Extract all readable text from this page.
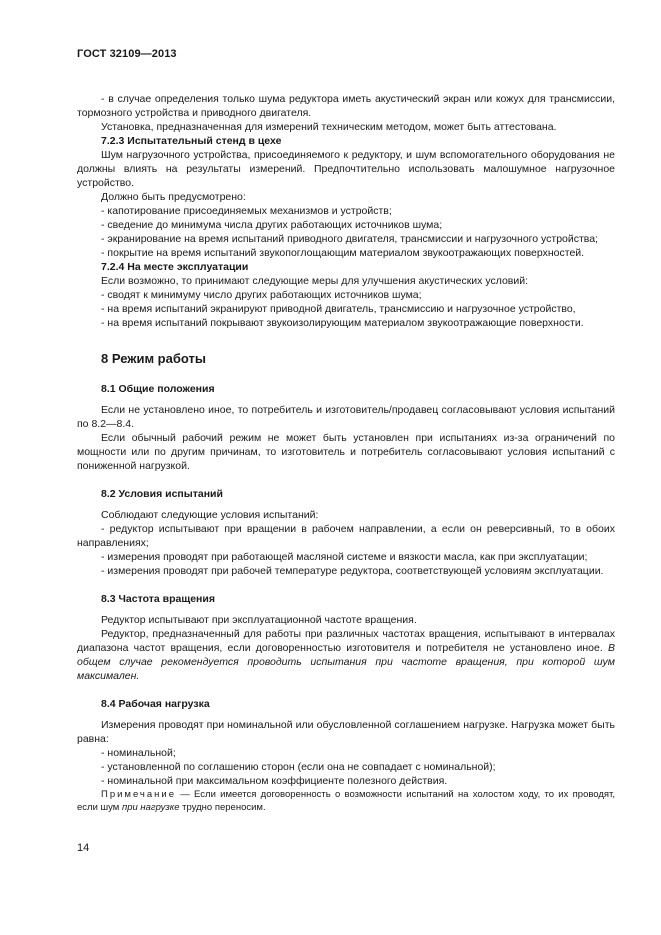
ГОСТ 32109—2013

- в случае определения только шума редуктора иметь акустический экран или кожух для трансмиссии, тормозного устройства и приводного двигателя.

Установка, предназначенная для измерений техническим методом, может быть аттестована.

7.2.3 Испытательный стенд в цехе

Шум нагрузочного устройства, присоединяемого к редуктору, и шум вспомогательного оборудования не должны влиять на результаты измерений. Предпочтительно использовать малошумное нагрузочное устройство.

Должно быть предусмотрено:

- капотирование присоединяемых механизмов и устройств;

- сведение до минимума числа других работающих источников шума;

- экранирование на время испытаний приводного двигателя, трансмиссии и нагрузочного устройства;

- покрытие на время испытаний звукопоглощающим материалом звукоотражающих поверхностей.

7.2.4 На месте эксплуатации

Если возможно, то принимают следующие меры для улучшения акустических условий:

- сводят к минимуму число других работающих источников шума;

- на время испытаний экранируют приводной двигатель, трансмиссию и нагрузочное устройство,

- на время испытаний покрывают звукоизолирующим материалом звукоотражающие поверхности.

8 Режим работы
8.1 Общие положения

Если не установлено иное, то потребитель и изготовитель/продавец согласовывают условия испытаний по 8.2—8.4.

Если обычный рабочий режим не может быть установлен при испытаниях из-за ограничений по мощности или по другим причинам, то изготовитель и потребитель согласовывают условия испытаний с пониженной нагрузкой.

8.2 Условия испытаний

Соблюдают следующие условия испытаний:

- редуктор испытывают при вращении в рабочем направлении, а если он реверсивный, то в обоих направлениях;

- измерения проводят при работающей масляной системе и вязкости масла, как при эксплуатации;

- измерения проводят при рабочей температуре редуктора, соответствующей условиям эксплуатации.

8.3 Частота вращения

Редуктор испытывают при эксплуатационной частоте вращения.

Редуктор, предназначенный для работы при различных частотах вращения, испытывают в интервалах диапазона частот вращения, если договоренностью изготовителя и потребителя не установлено иное. В общем случае рекомендуется проводить испытания при частоте вращения, при которой шум максимален.

8.4 Рабочая нагрузка

Измерения проводят при номинальной или обусловленной соглашением нагрузке. Нагрузка может быть равна:

- номинальной;

- установленной по соглашению сторон (если она не совпадает с номинальной);

- номинальной при максимальном коэффициенте полезного действия.

Примечание — Если имеется договоренность о возможности испытаний на холостом ходу, то их проводят, если шум при нагрузке трудно переносим.

14
